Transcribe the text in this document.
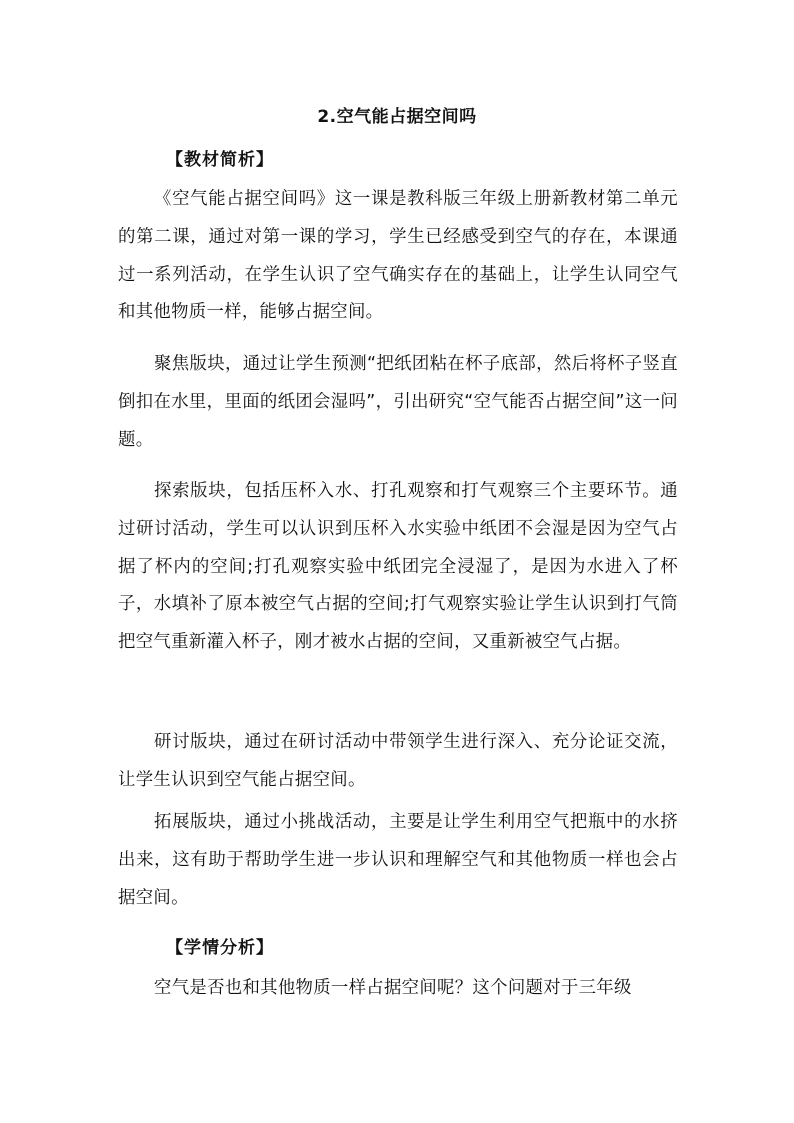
2.空气能占据空间吗
【教材简析】

《空气能占据空间吗》这一课是教科版三年级上册新教材第二单元的第二课，通过对第一课的学习，学生已经感受到空气的存在，本课通过一系列活动，在学生认识了空气确实存在的基础上，让学生认同空气和其他物质一样，能够占据空间。

聚焦版块，通过让学生预测“把纸团粘在杯子底部，然后将杯子竖直倒扣在水里，里面的纸团会湿吗”，引出研究“空气能否占据空间”这一问题。

探索版块，包括压杯入水、打孔观察和打气观察三个主要环节。通过研讨活动，学生可以认识到压杯入水实验中纸团不会湿是因为空气占据了杯内的空间;打孔观察实验中纸团完全浸湿了，是因为水进入了杯子，水填补了原本被空气占据的空间;打气观察实验让学生认识到打气筒把空气重新灌入杯子，刚才被水占据的空间，又重新被空气占据。

研讨版块，通过在研讨活动中带领学生进行深入、充分论证交流，让学生认识到空气能占据空间。

拓展版块，通过小挑战活动，主要是让学生利用空气把瓶中的水挤出来，这有助于帮助学生进一步认识和理解空气和其他物质一样也会占据空间。

【学情分析】

空气是否也和其他物质一样占据空间呢？这个问题对于三年级
